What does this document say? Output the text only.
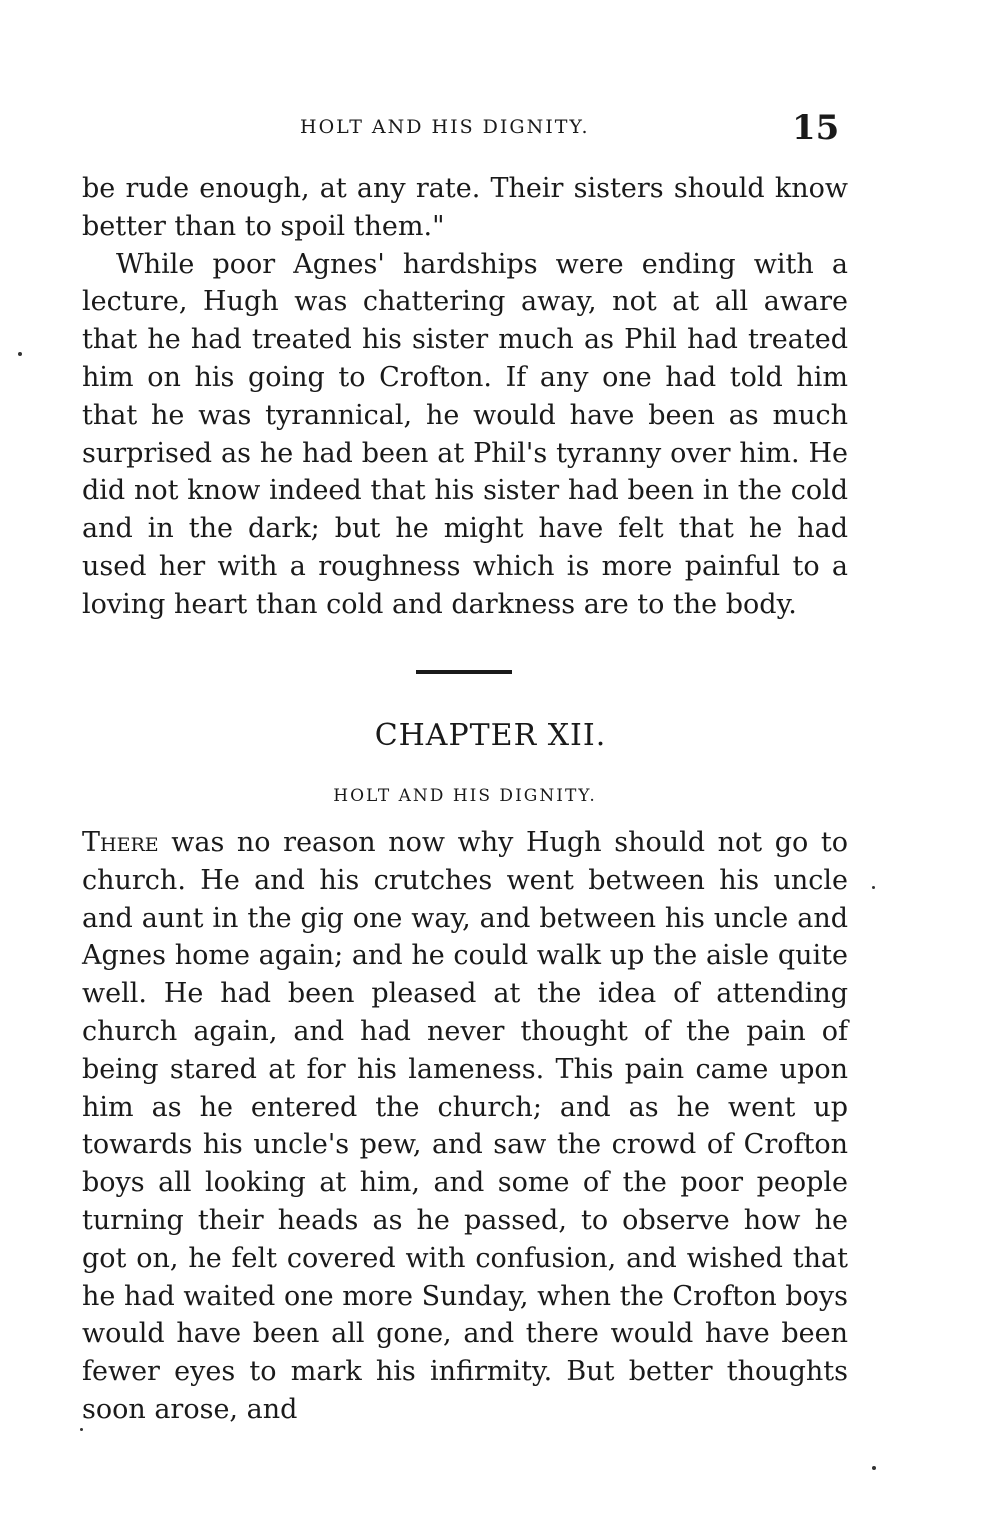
HOLT AND HIS DIGNITY.	15

be rude enough, at any rate. Their sisters should know better than to spoil them."

While poor Agnes' hardships were ending with a lecture, Hugh was chattering away, not at all aware that he had treated his sister much as Phil had treated him on his going to Crofton. If any one had told him that he was tyrannical, he would have been as much surprised as he had been at Phil's tyranny over him. He did not know indeed that his sister had been in the cold and in the dark; but he might have felt that he had used her with a roughness which is more painful to a loving heart than cold and darkness are to the body.

CHAPTER XII.
HOLT AND HIS DIGNITY.

There was no reason now why Hugh should not go to church. He and his crutches went between his uncle and aunt in the gig one way, and between his uncle and Agnes home again; and he could walk up the aisle quite well. He had been pleased at the idea of attending church again, and had never thought of the pain of being stared at for his lameness. This pain came upon him as he entered the church; and as he went up towards his uncle's pew, and saw the crowd of Crofton boys all looking at him, and some of the poor people turning their heads as he passed, to observe how he got on, he felt covered with confusion, and wished that he had waited one more Sunday, when the Crofton boys would have been all gone, and there would have been fewer eyes to mark his infirmity. But better thoughts soon arose, and
